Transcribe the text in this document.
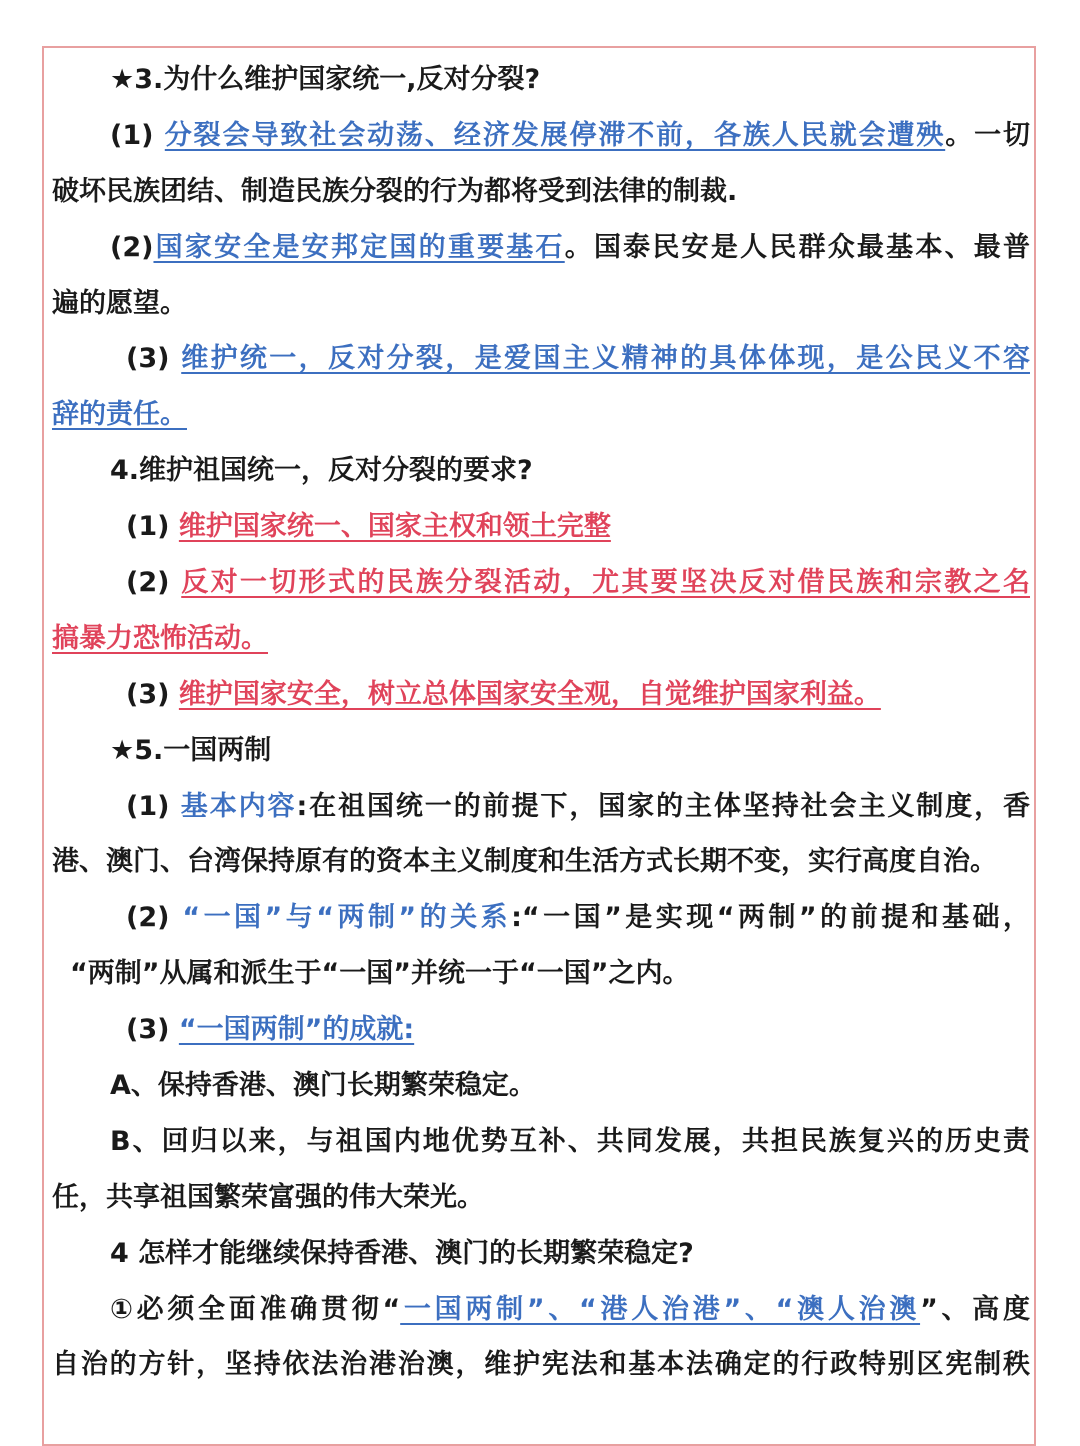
★3.为什么维护国家统一,反对分裂?
(1) 分裂会导致社会动荡、经济发展停滞不前，各族人民就会遭殃。一切
破坏民族团结、制造民族分裂的行为都将受到法律的制裁.
(2)国家安全是安邦定国的重要基石。国泰民安是人民群众最基本、最普
遍的愿望。
(3) 维护统一，反对分裂，是爱国主义精神的具体体现，是公民义不容
辞的责任。
4.维护祖国统一，反对分裂的要求?
(1) 维护国家统一、国家主权和领土完整
(2) 反对一切形式的民族分裂活动，尤其要坚决反对借民族和宗教之名
搞暴力恐怖活动。
(3) 维护国家安全，树立总体国家安全观，自觉维护国家利益。
★5.一国两制
(1) 基本内容:在祖国统一的前提下，国家的主体坚持社会主义制度，香
港、澳门、台湾保持原有的资本主义制度和生活方式长期不变，实行高度自治。
(2) “一国”与“两制”的关系:“一国”是实现“两制”的前提和基础，
“两制”从属和派生于“一国”并统一于“一国”之内。
(3) “一国两制”的成就:
A、保持香港、澳门长期繁荣稳定。
B、回归以来，与祖国内地优势互补、共同发展，共担民族复兴的历史责
任，共享祖国繁荣富强的伟大荣光。
4 怎样才能继续保持香港、澳门的长期繁荣稳定?
①必须全面准确贯彻“一国两制”、“港人治港”、“澳人治澳”、高度
自治的方针，坚持依法治港治澳，维护宪法和基本法确定的行政特别区宪制秩
